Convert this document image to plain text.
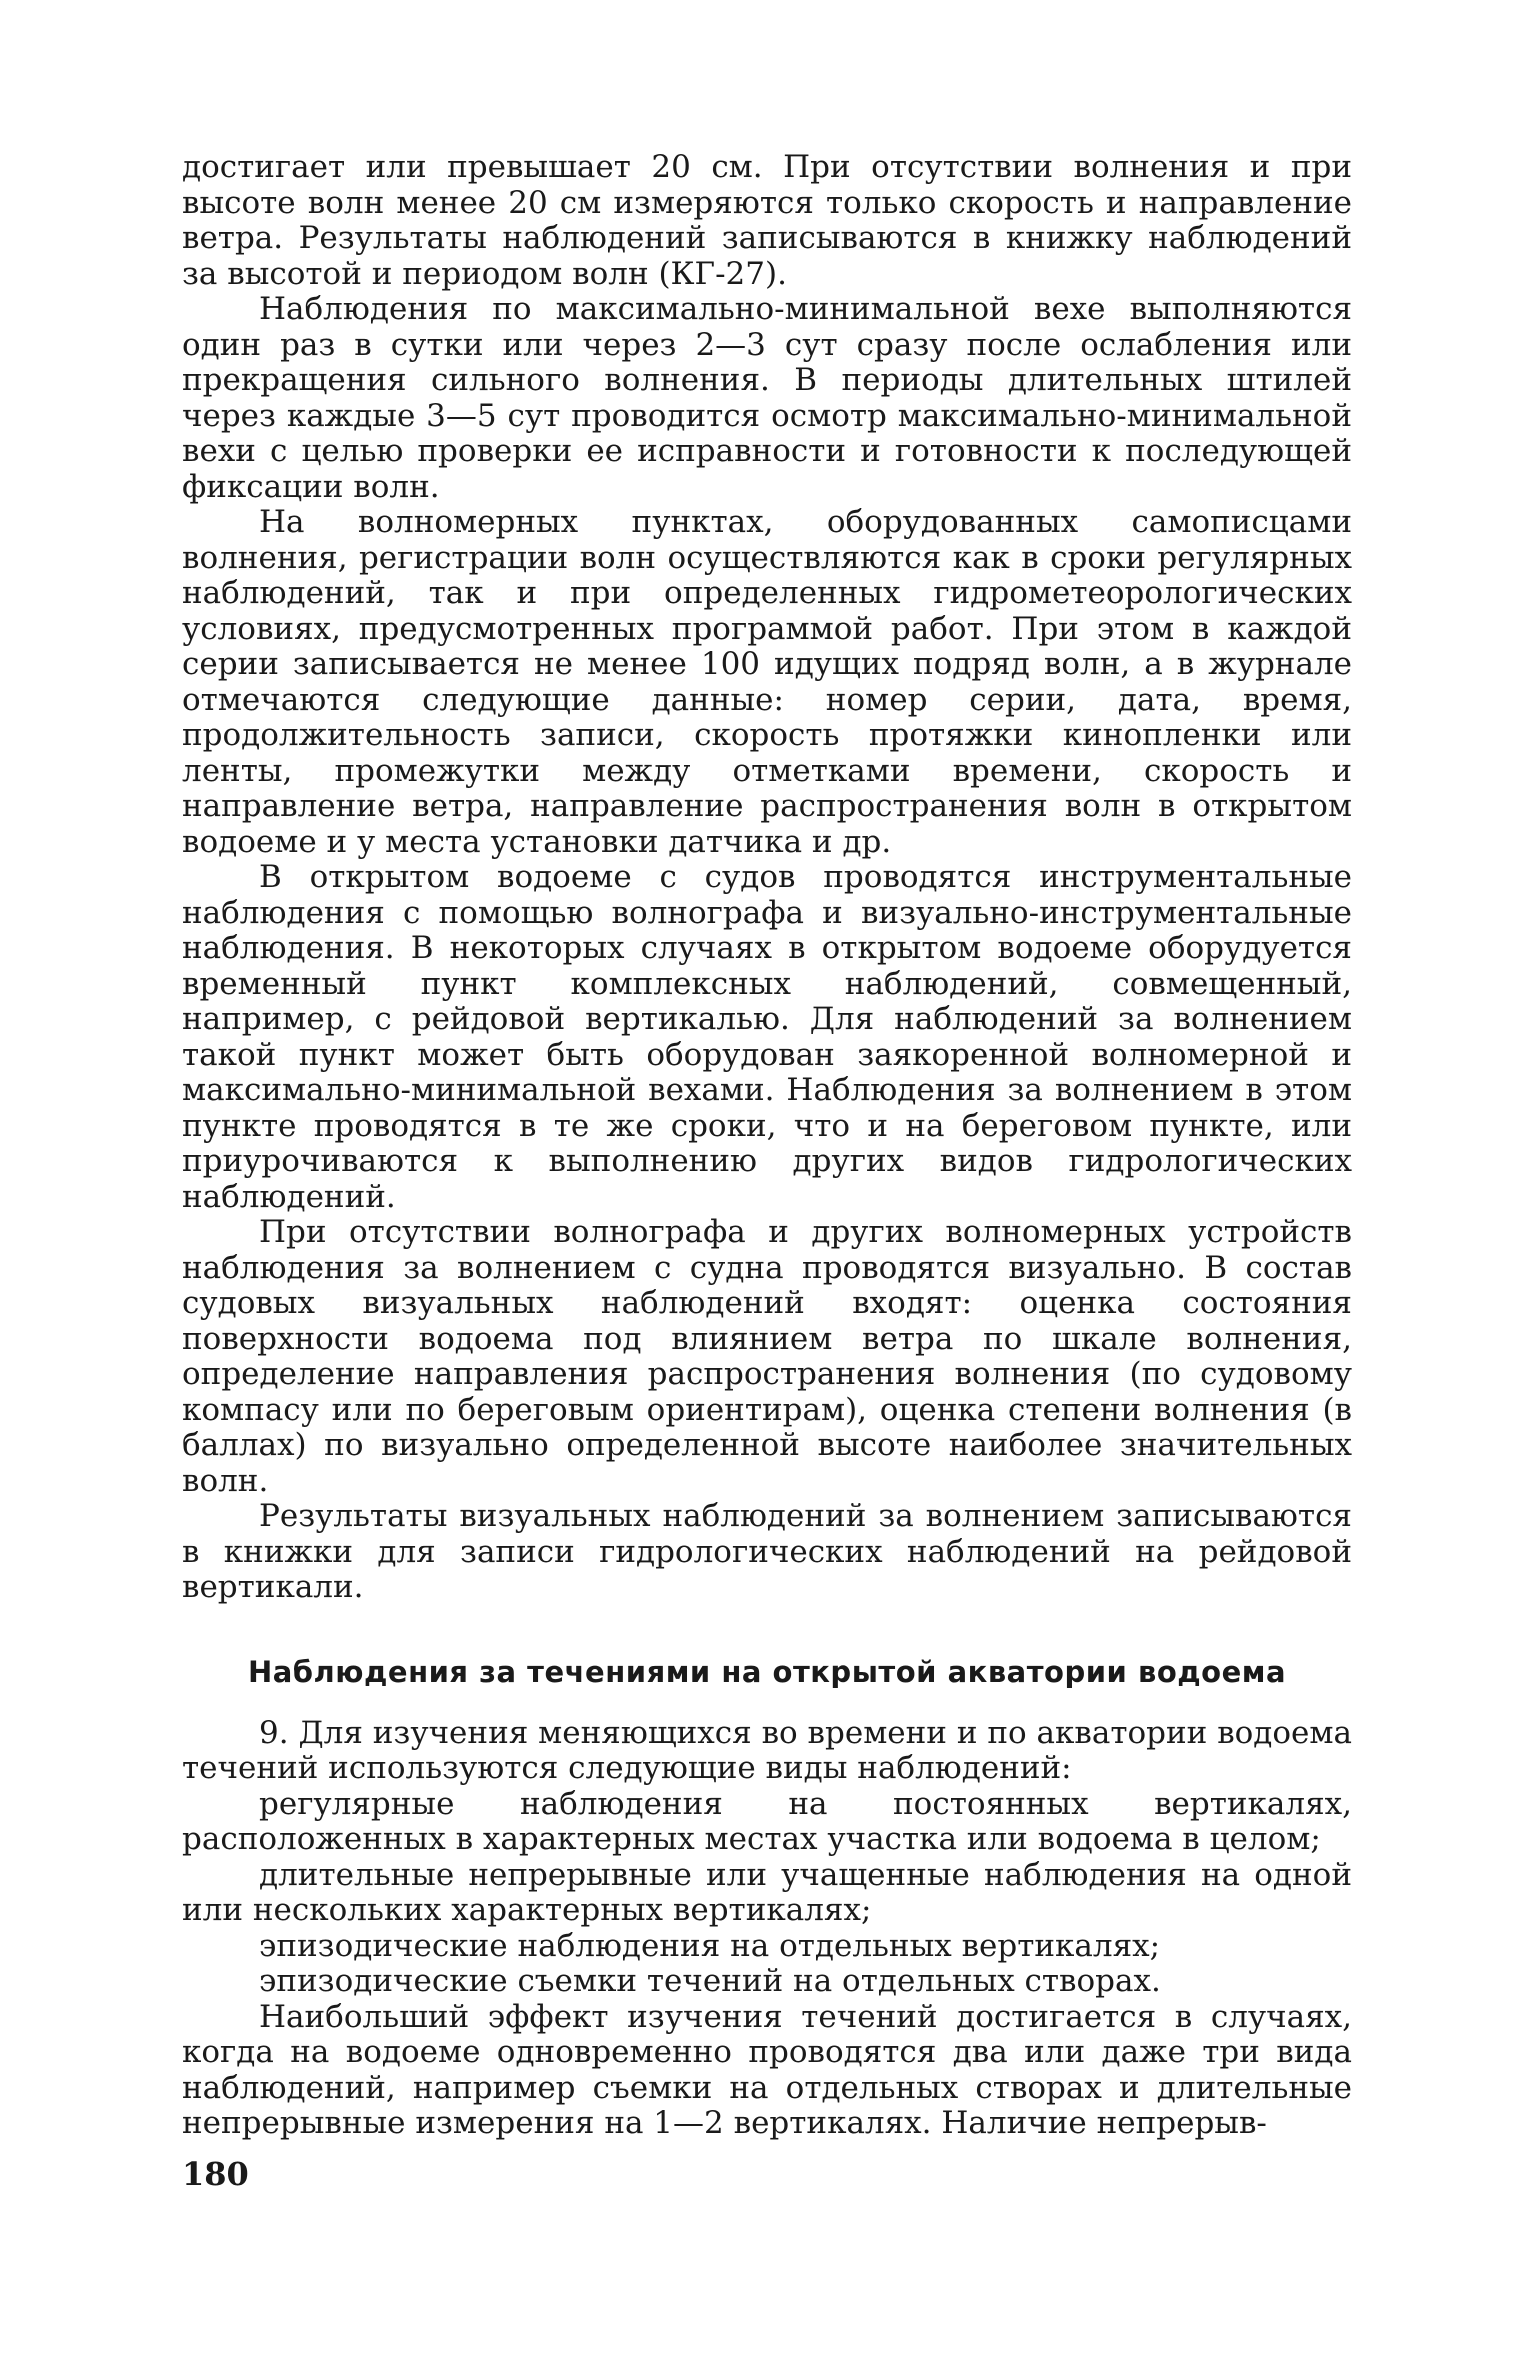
достигает или превышает 20 см. При отсутствии волнения и при высоте волн менее 20 см измеряются только скорость и направление ветра. Результаты наблюдений записываются в книжку наблюдений за высотой и периодом волн (КГ-27).

Наблюдения по максимально-минимальной вехе выполняются один раз в сутки или через 2—3 сут сразу после ослабления или прекращения сильного волнения. В периоды длительных штилей через каждые 3—5 сут проводится осмотр максимально-минимальной вехи с целью проверки ее исправности и готовности к последующей фиксации волн.

На волномерных пунктах, оборудованных самописцами волнения, регистрации волн осуществляются как в сроки регулярных наблюдений, так и при определенных гидрометеорологических условиях, предусмотренных программой работ. При этом в каждой серии записывается не менее 100 идущих подряд волн, а в журнале отмечаются следующие данные: номер серии, дата, время, продолжительность записи, скорость протяжки кинопленки или ленты, промежутки между отметками времени, скорость и направление ветра, направление распространения волн в открытом водоеме и у места установки датчика и др.

В открытом водоеме с судов проводятся инструментальные наблюдения с помощью волнографа и визуально-инструментальные наблюдения. В некоторых случаях в открытом водоеме оборудуется временный пункт комплексных наблюдений, совмещенный, например, с рейдовой вертикалью. Для наблюдений за волнением такой пункт может быть оборудован заякоренной волномерной и максимально-минимальной вехами. Наблюдения за волнением в этом пункте проводятся в те же сроки, что и на береговом пункте, или приурочиваются к выполнению других видов гидрологических наблюдений.

При отсутствии волнографа и других волномерных устройств наблюдения за волнением с судна проводятся визуально. В состав судовых визуальных наблюдений входят: оценка состояния поверхности водоема под влиянием ветра по шкале волнения, определение направления распространения волнения (по судовому компасу или по береговым ориентирам), оценка степени волнения (в баллах) по визуально определенной высоте наиболее значительных волн.

Результаты визуальных наблюдений за волнением записываются в книжки для записи гидрологических наблюдений на рейдовой вертикали.

Наблюдения за течениями на открытой акватории водоема

9. Для изучения меняющихся во времени и по акватории водоема течений используются следующие виды наблюдений:

регулярные наблюдения на постоянных вертикалях, расположенных в характерных местах участка или водоема в целом;

длительные непрерывные или учащенные наблюдения на одной или нескольких характерных вертикалях;

эпизодические наблюдения на отдельных вертикалях;

эпизодические съемки течений на отдельных створах.

Наибольший эффект изучения течений достигается в случаях, когда на водоеме одновременно проводятся два или даже три вида наблюдений, например съемки на отдельных створах и длительные непрерывные измерения на 1—2 вертикалях. Наличие непрерыв-

180
